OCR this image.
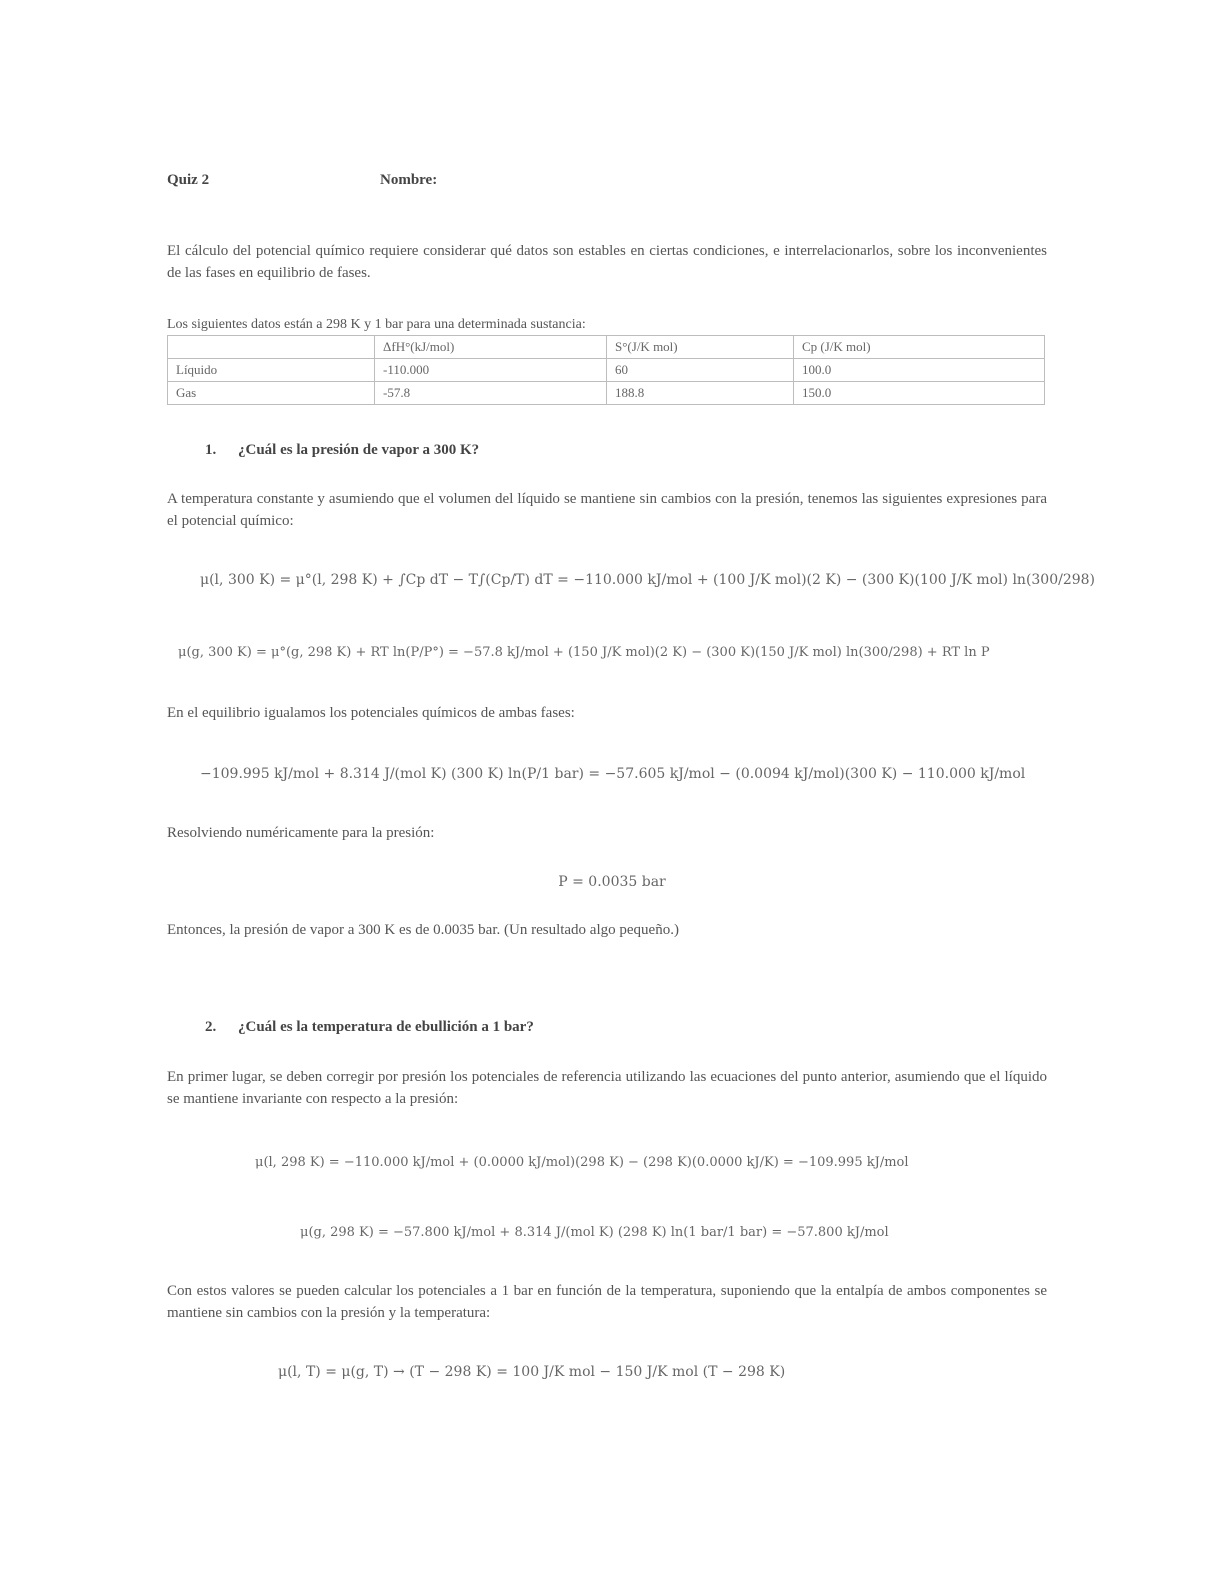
Quiz 2	Nombre:
El cálculo del potencial químico requiere considerar qué datos son estables en ciertas condiciones, e interrelacionarlos, sobre los inconvenientes de las fases en equilibrio de fases.
Los siguientes datos están a 298 K y 1 bar para una determinada sustancia:
	ΔfH°(kJ/mol)	S°(J/K mol)	Cp (J/K mol)
Líquido	-110.000	60	100.0
Gas	-57.8	188.8	150.0
1. ¿Cuál es la presión de vapor a 300 K?
A temperatura constante y asumiendo que el volumen del líquido se mantiene sin cambios con la presión, tenemos las siguientes expresiones para el potencial químico:
μ(l, 300 K) = μ°(l, 298 K) + ∫Cp dT − T∫(Cp/T) dT = −110.000 kJ/mol + (100 J/K mol)(2 K) − (300 K)(100 J/K mol) ln(300/298)
μ(g, 300 K) = μ°(g, 298 K) + RT ln(P/P°) = −57.8 kJ/mol + (150 J/K mol)(2 K) − (300 K)(150 J/K mol) ln(300/298) + RT ln P
En el equilibrio igualamos los potenciales químicos de ambas fases:
−109.995 kJ/mol + 8.314 J/(mol K) (300 K) ln(P/1 bar) = −57.605 kJ/mol − (0.0094 kJ/mol)(300 K) − 110.000 kJ/mol
Resolviendo numéricamente para la presión:
P = 0.0035 bar
Entonces, la presión de vapor a 300 K es de 0.0035 bar. (Un resultado algo pequeño.)
2. ¿Cuál es la temperatura de ebullición a 1 bar?
En primer lugar, se deben corregir por presión los potenciales de referencia utilizando las ecuaciones del punto anterior, asumiendo que el líquido se mantiene invariante con respecto a la presión:
μ(l, 298 K) = −110.000 kJ/mol + (0.0000 kJ/mol)(298 K) − (298 K)(0.0000 kJ/K) = −109.995 kJ/mol
μ(g, 298 K) = −57.800 kJ/mol + 8.314 J/(mol K) (298 K) ln(1 bar/1 bar) = −57.800 kJ/mol
Con estos valores se pueden calcular los potenciales a 1 bar en función de la temperatura, suponiendo que la entalpía de ambos componentes se mantiene sin cambios con la presión y la temperatura:
μ(l, T) = μ(g, T) → (T − 298 K) = 100 J/K mol − 150 J/K mol (T − 298 K)
